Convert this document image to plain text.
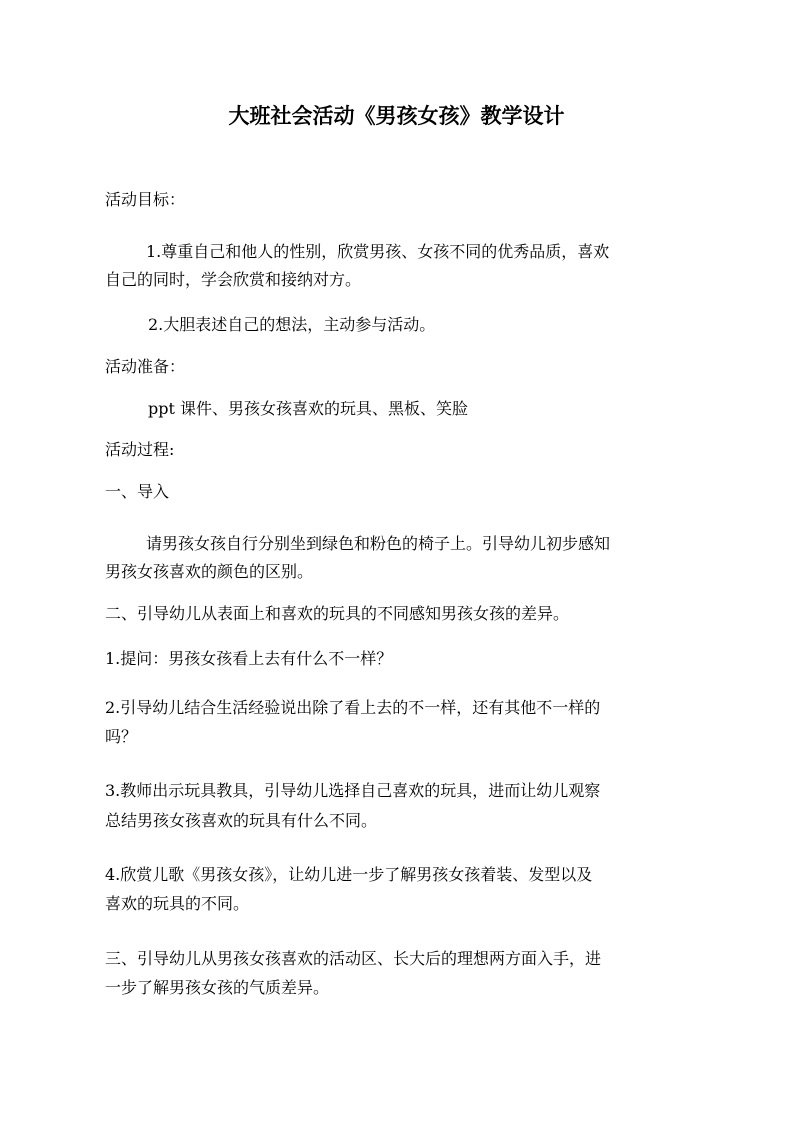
大班社会活动《男孩女孩》教学设计

活动目标：

1.尊重自己和他人的性别，欣赏男孩、女孩不同的优秀品质，喜欢

自己的同时，学会欣赏和接纳对方。

2.大胆表述自己的想法，主动参与活动。

活动准备：

ppt 课件、男孩女孩喜欢的玩具、黑板、笑脸

活动过程:

一、导入

请男孩女孩自行分别坐到绿色和粉色的椅子上。引导幼儿初步感知

男孩女孩喜欢的颜色的区别。

二、引导幼儿从表面上和喜欢的玩具的不同感知男孩女孩的差异。

1.提问：男孩女孩看上去有什么不一样？

2.引导幼儿结合生活经验说出除了看上去的不一样，还有其他不一样的

吗？

3.教师出示玩具教具，引导幼儿选择自己喜欢的玩具，进而让幼儿观察

总结男孩女孩喜欢的玩具有什么不同。

4.欣赏儿歌《男孩女孩》，让幼儿进一步了解男孩女孩着装、发型以及

喜欢的玩具的不同。

三、引导幼儿从男孩女孩喜欢的活动区、长大后的理想两方面入手，进

一步了解男孩女孩的气质差异。
